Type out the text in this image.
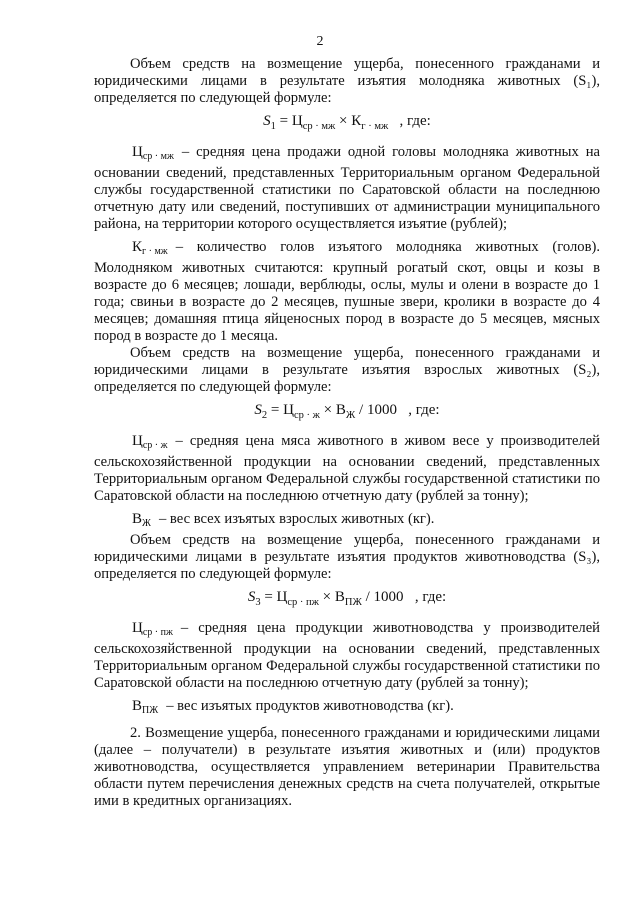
2

Объем средств на возмещение ущерба, понесенного гражданами и юридическими лицами в результате изъятия молодняка животных (S₁), определяется по следующей формуле:

$S_1 = Ц_{ср \cdot мж} \times К_{г \cdot мж}$ , где:

$Ц_{ср \cdot мж}$ – средняя цена продажи одной головы молодняка животных на основании сведений, представленных Территориальным органом Федеральной службы государственной статистики по Саратовской области на последнюю отчетную дату или сведений, поступивших от администрации муниципального района, на территории которого осуществляется изъятие (рублей);

$К_{г \cdot мж}$ – количество голов изъятого молодняка животных (голов). Молодняком животных считаются: крупный рогатый скот, овцы и козы в возрасте до 6 месяцев; лошади, верблюды, ослы, мулы и олени в возрасте до 1 года; свиньи в возрасте до 2 месяцев, пушные звери, кролики в возрасте до 4 месяцев; домашняя птица яйценосных пород в возрасте до 5 месяцев, мясных пород в возрасте до 1 месяца.

Объем средств на возмещение ущерба, понесенного гражданами и юридическими лицами в результате изъятия взрослых животных (S₂), определяется по следующей формуле:

$S_2 = Ц_{ср \cdot ж} \times В_Ж / 1000$ , где:

$Ц_{ср \cdot ж}$ – средняя цена мяса животного в живом весе у производителей сельскохозяйственной продукции на основании сведений, представленных Территориальным органом Федеральной службы государственной статистики по Саратовской области на последнюю отчетную дату (рублей за тонну);

$В_Ж$ – вес всех изъятых взрослых животных (кг).

Объем средств на возмещение ущерба, понесенного гражданами и юридическими лицами в результате изъятия продуктов животноводства (S₃), определяется по следующей формуле:

$S_3 = Ц_{ср \cdot пж} \times В_{ПЖ} / 1000$ , где:

$Ц_{ср \cdot пж}$ – средняя цена продукции животноводства у производителей сельскохозяйственной продукции на основании сведений, представленных Территориальным органом Федеральной службы государственной статистики по Саратовской области на последнюю отчетную дату (рублей за тонну);

$В_{ПЖ}$ – вес изъятых продуктов животноводства (кг).

2. Возмещение ущерба, понесенного гражданами и юридическими лицами (далее – получатели) в результате изъятия животных и (или) продуктов животноводства, осуществляется управлением ветеринарии Правительства области путем перечисления денежных средств на счета получателей, открытые ими в кредитных организациях.
